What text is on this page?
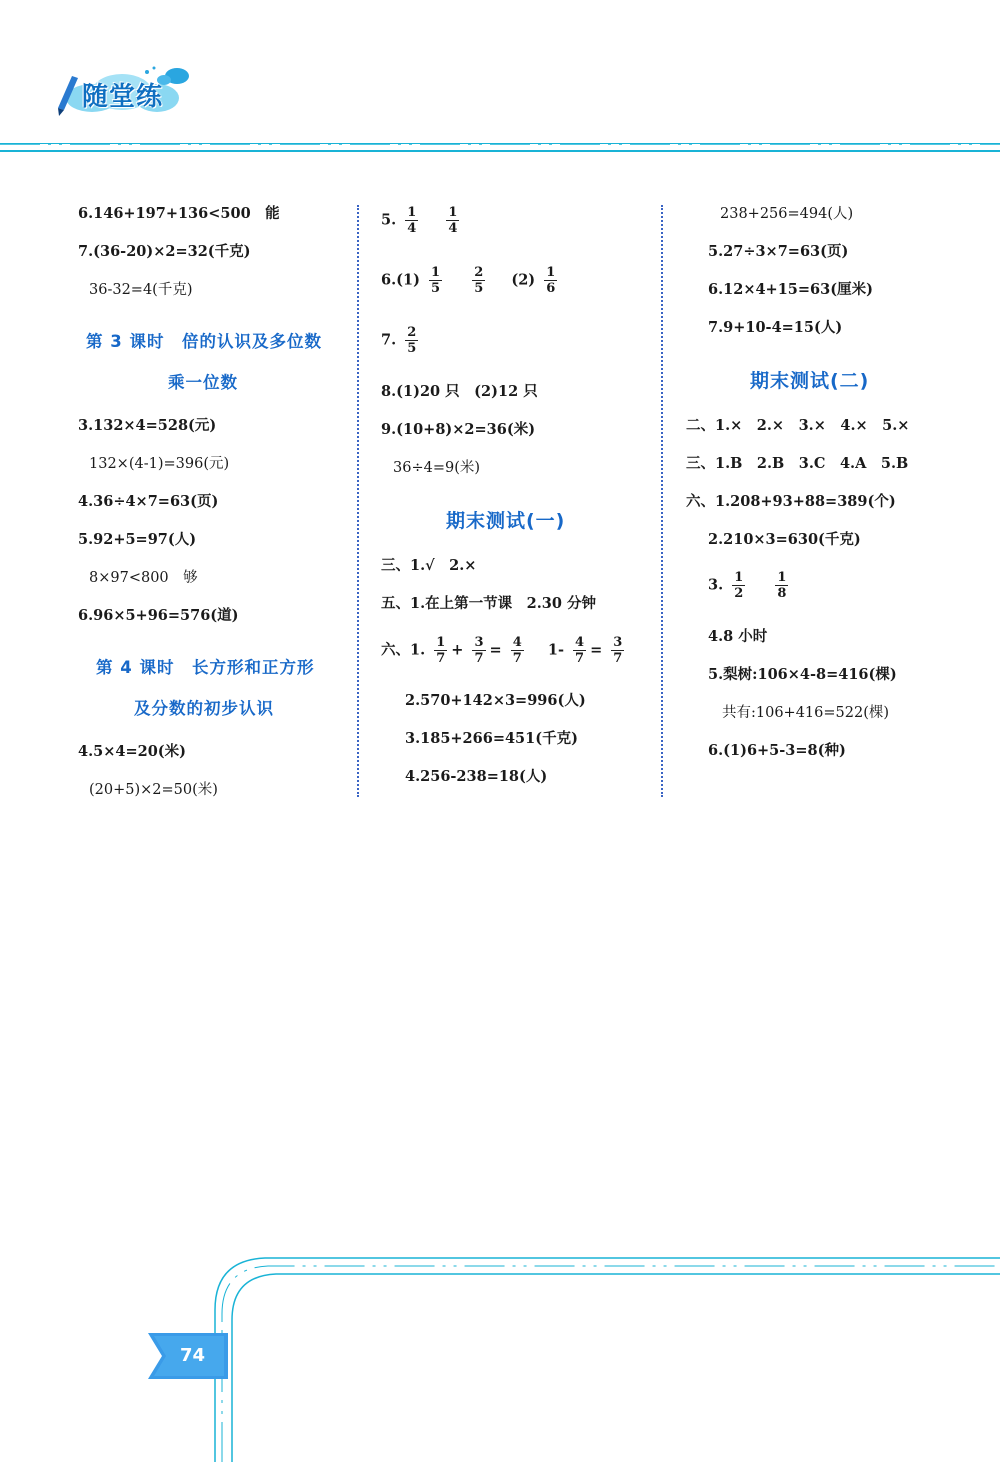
随堂练
6.146+197+136<500　能
7.(36-20)×2=32(千克)
36-32=4(千克)
第 3 课时　倍的认识及多位数
乘一位数
3.132×4=528(元)
132×(4-1)=396(元)
4.36÷4×7=63(页)
5.92+5=97(人)
8×97<800　够
6.96×5+96=576(道)
第 4 课时　长方形和正方形
及分数的初步认识
4.5×4=20(米)
(20+5)×2=50(米)
5. $\frac{1}{4}$
$\frac{1}{4}$
$6.(1) \frac{1}{5}$
$\frac{2}{5} (2) \frac{1}{6}$
7. $\frac{2}{5}$
8.(1)20 只　(2)12 只
9.(10+8)×2=36(米)
36÷4=9(米)
期末测试(一)
三、1.√　2.×
五、1.在上第一节课　2.30 分钟
六、1. $\frac{1}{7} + \frac{3}{7} = \frac{4}{7} 1- \frac{4}{7} = \frac{3}{7}$
2.570+142×3=996(人)
3.185+266=451(千克)
4.256-238=18(人)
238+256=494(人)
5.27÷3×7=63(页)
6.12×4+15=63(厘米)
7.9+10-4=15(人)
期末测试(二)
二、1.×　2.×　3.×　4.×　5.×
三、1.B　2.B　3.C　4.A　5.B
六、1.208+93+88=389(个)
2.210×3=630(千克)
3. $\frac{1}{2}$
$\frac{1}{8}$
4.8 小时
5.梨树:106×4-8=416(棵)
共有:106+416=522(棵)
6.(1)6+5-3=8(种)
74
